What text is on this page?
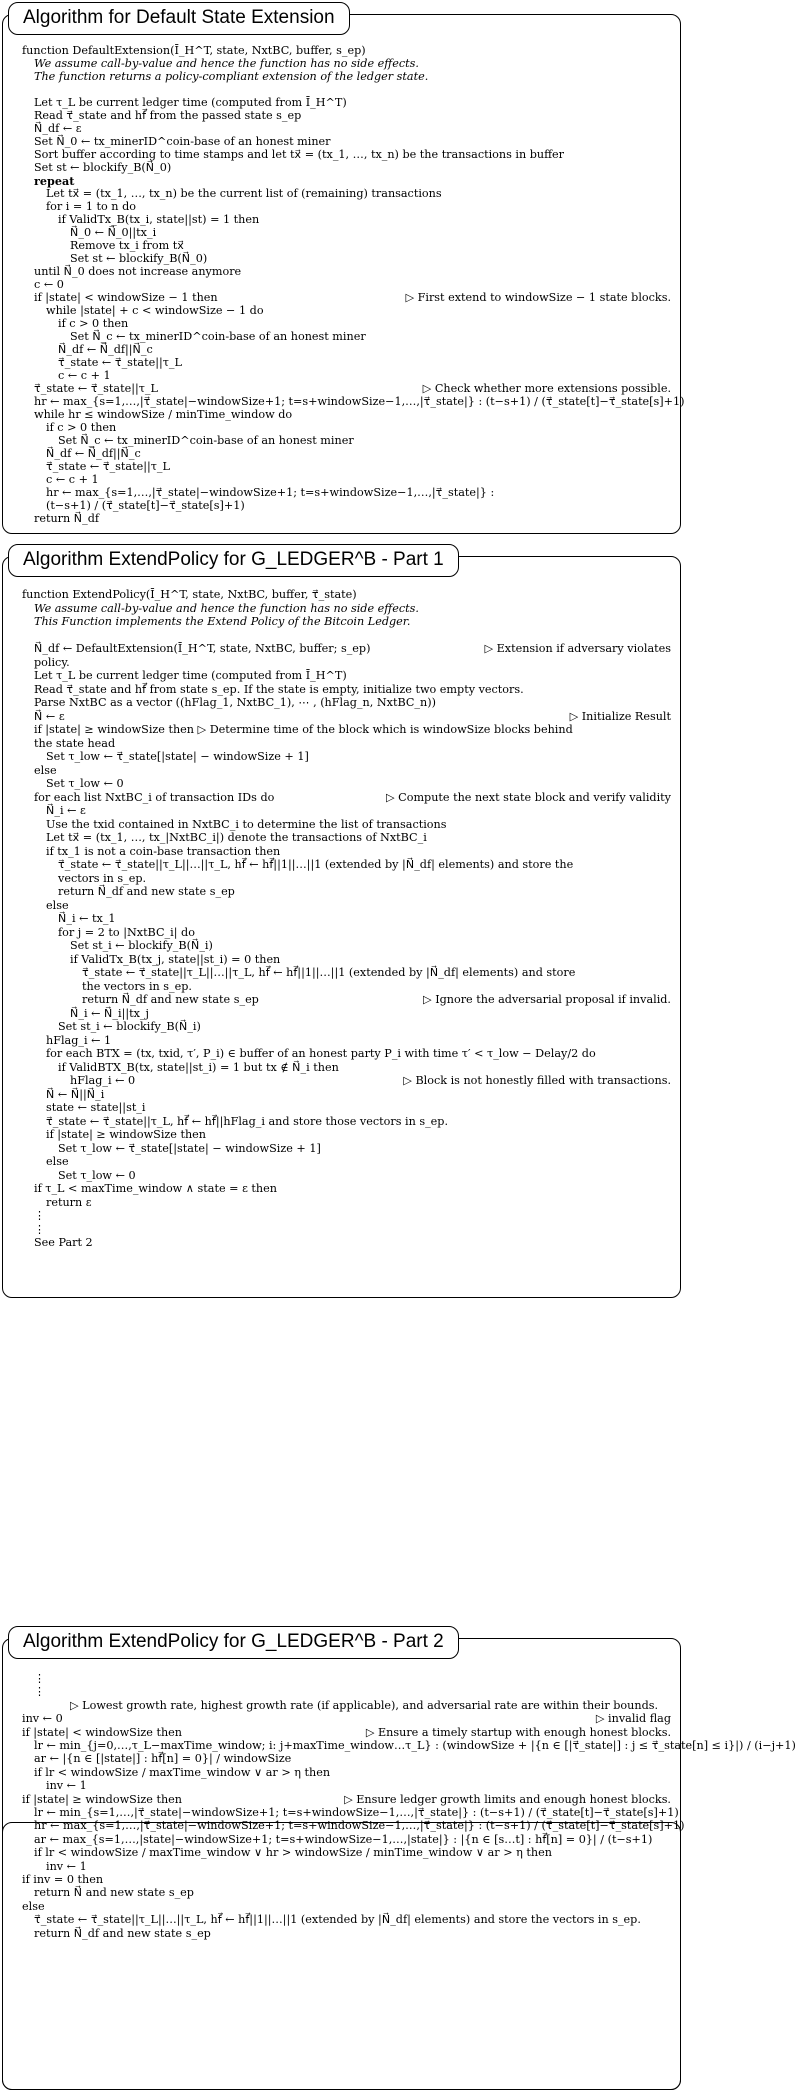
Algorithm for Default State Extension
function DefaultExtension(Ī_H^T, state, NxtBC, buffer, s_ep)
We assume call-by-value and hence the function has no side effects.
The function returns a policy-compliant extension of the ledger state.
Let τ_L be current ledger time (computed from Ī_H^T)
Read τ⃗_state and hf⃗ from the passed state s_ep
N⃗_df ← ε
Set N⃗_0 ← tx_minerID^coin-base of an honest miner
Sort buffer according to time stamps and let tx⃗ = (tx_1, …, tx_n) be the transactions in buffer
Set st ← blockify_B(N⃗_0)
repeat
Let tx⃗ = (tx_1, …, tx_n) be the current list of (remaining) transactions
for i = 1 to n do
if ValidTx_B(tx_i, state||st) = 1 then
N⃗_0 ← N⃗_0||tx_i
Remove tx_i from tx⃗
Set st ← blockify_B(N⃗_0)
until N⃗_0 does not increase anymore
c ← 0
if |state| < windowSize − 1 then	▷ First extend to windowSize − 1 state blocks.
while |state| + c < windowSize − 1 do
if c > 0 then
Set N⃗_c ← tx_minerID^coin-base of an honest miner
N⃗_df ← N⃗_df||N⃗_c
τ⃗_state ← τ⃗_state||τ_L
c ← c + 1
τ⃗_state ← τ⃗_state||τ_L	▷ Check whether more extensions possible.
hr ← max_{s=1,…,|τ⃗_state|−windowSize+1; t=s+windowSize−1,…,|τ⃗_state|} : (t−s+1) / (τ⃗_state[t]−τ⃗_state[s]+1)
while hr ≤ windowSize / minTime_window do
if c > 0 then
Set N⃗_c ← tx_minerID^coin-base of an honest miner
N⃗_df ← N⃗_df||N⃗_c
τ⃗_state ← τ⃗_state||τ_L
c ← c + 1
hr ← max_{s=1,…,|τ⃗_state|−windowSize+1; t=s+windowSize−1,…,|τ⃗_state|} :
(t−s+1) / (τ⃗_state[t]−τ⃗_state[s]+1)
return N⃗_df
Algorithm ExtendPolicy for G_LEDGER^B - Part 1
function ExtendPolicy(Ī_H^T, state, NxtBC, buffer, τ⃗_state)
We assume call-by-value and hence the function has no side effects.
This Function implements the Extend Policy of the Bitcoin Ledger.
N⃗_df ← DefaultExtension(Ī_H^T, state, NxtBC, buffer; s_ep)	▷ Extension if adversary violates
policy.
Let τ_L be current ledger time (computed from Ī_H^T)
Read τ⃗_state and hf⃗ from state s_ep. If the state is empty, initialize two empty vectors.
Parse NxtBC as a vector ((hFlag_1, NxtBC_1), ⋯ , (hFlag_n, NxtBC_n))
N⃗ ← ε	▷ Initialize Result
if |state| ≥ windowSize then ▷ Determine time of the block which is windowSize blocks behind
the state head
Set τ_low ← τ⃗_state[|state| − windowSize + 1]
else
Set τ_low ← 0
for each list NxtBC_i of transaction IDs do	▷ Compute the next state block and verify validity
N⃗_i ← ε
Use the txid contained in NxtBC_i to determine the list of transactions
Let tx⃗ = (tx_1, …, tx_|NxtBC_i|) denote the transactions of NxtBC_i
if tx_1 is not a coin-base transaction then
τ⃗_state ← τ⃗_state||τ_L||…||τ_L, hf⃗ ← hf⃗||1||…||1 (extended by |N⃗_df| elements) and store the
vectors in s_ep.
return N⃗_df and new state s_ep
else
N⃗_i ← tx_1
for j = 2 to |NxtBC_i| do
Set st_i ← blockify_B(N⃗_i)
if ValidTx_B(tx_j, state||st_i) = 0 then
τ⃗_state ← τ⃗_state||τ_L||…||τ_L, hf⃗ ← hf⃗||1||…||1 (extended by |N⃗_df| elements) and store
the vectors in s_ep.
return N⃗_df and new state s_ep	▷ Ignore the adversarial proposal if invalid.
N⃗_i ← N⃗_i||tx_j
Set st_i ← blockify_B(N⃗_i)
hFlag_i ← 1
for each BTX = (tx, txid, τ′, P_i) ∈ buffer of an honest party P_i with time τ′ < τ_low − Delay/2 do
if ValidBTX_B(tx, state||st_i) = 1 but tx ∉ N⃗_i then
hFlag_i ← 0	▷ Block is not honestly filled with transactions.
N⃗ ← N⃗||N⃗_i
state ← state||st_i
τ⃗_state ← τ⃗_state||τ_L, hf⃗ ← hf⃗||hFlag_i and store those vectors in s_ep.
if |state| ≥ windowSize then
Set τ_low ← τ⃗_state[|state| − windowSize + 1]
else
Set τ_low ← 0
if τ_L < maxTime_window ∧ state = ε then
return ε
⋮
⋮
See Part 2
Algorithm ExtendPolicy for G_LEDGER^B - Part 2
⋮
⋮
▷ Lowest growth rate, highest growth rate (if applicable), and adversarial rate are within their bounds.
inv ← 0	▷ invalid flag
if |state| < windowSize then	▷ Ensure a timely startup with enough honest blocks.
lr ← min_{j=0,…,τ_L−maxTime_window; i: j+maxTime_window…τ_L} : (windowSize + |{n ∈ [|τ⃗_state|] : j ≤ τ⃗_state[n] ≤ i}|) / (i−j+1)
ar ← |{n ∈ [|state|] : hf⃗[n] = 0}| / windowSize
if lr < windowSize / maxTime_window ∨ ar > η then
inv ← 1
if |state| ≥ windowSize then	▷ Ensure ledger growth limits and enough honest blocks.
lr ← min_{s=1,…,|τ⃗_state|−windowSize+1; t=s+windowSize−1,…,|τ⃗_state|} : (t−s+1) / (τ⃗_state[t]−τ⃗_state[s]+1)
hr ← max_{s=1,…,|τ⃗_state|−windowSize+1; t=s+windowSize−1,…,|τ⃗_state|} : (t−s+1) / (τ⃗_state[t]−τ⃗_state[s]+1)
ar ← max_{s=1,…,|state|−windowSize+1; t=s+windowSize−1,…,|state|} : |{n ∈ [s…t] : hf⃗[n] = 0}| / (t−s+1)
if lr < windowSize / maxTime_window ∨ hr > windowSize / minTime_window ∨ ar > η then
inv ← 1
if inv = 0 then
return N⃗ and new state s_ep
else
τ⃗_state ← τ⃗_state||τ_L||…||τ_L, hf⃗ ← hf⃗||1||…||1 (extended by |N⃗_df| elements) and store the vectors in s_ep.
return N⃗_df and new state s_ep
